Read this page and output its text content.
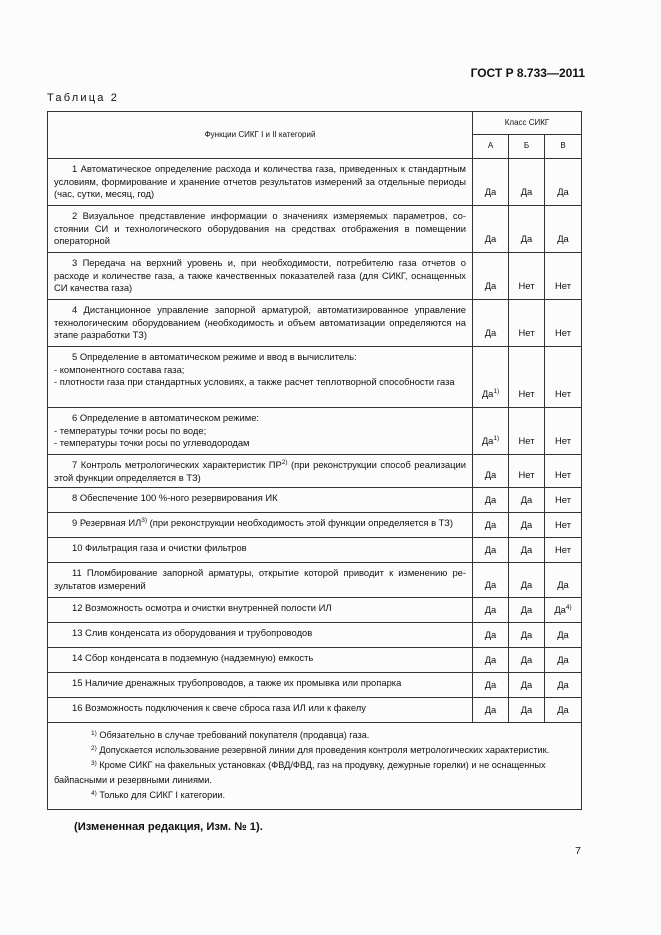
ГОСТ Р 8.733—2011
Таблица 2
Функции СИКГ I и II категорий	Класс СИКГ		
	А	Б	В

1 Автоматическое определение расхода и количества газа, приведенных к стандартным условиям, формирование и хранение отчетов результатов измерений за отдельные периоды (час, сутки, месяц, год)	Да	Да	Да

2 Визуальное представление информации о значениях измеряемых параметров, состоянии СИ и технологического оборудования на средствах отображения в помещении операторной	Да	Да	Да

3 Передача на верхний уровень и, при необходимости, потребителю газа отчетов о расходе и количестве газа, а также качественных показателей газа (для СИКГ, оснащенных СИ качества газа)	Да	Нет	Нет

4 Дистанционное управление запорной арматурой, автоматизированное управление технологическим оборудованием (необходимость и объем автоматизации определяются на этапе разработки ТЗ)	Да	Нет	Нет

5 Определение в автоматическом режиме и ввод в вычислитель:
- компонентного состава газа;
- плотности газа при стандартных условиях, а также расчет теплотворной способности газа	$Да^{1)}$	Нет	Нет

6 Определение в автоматическом режиме:
- температуры точки росы по воде;
- температуры точки росы по углеводородам	$Да^{1)}$	Нет	Нет

7 Контроль метрологических характеристик ПР$^{2)}$ (при реконструкции способ реализации этой функции определяется в ТЗ)	Да	Нет	Нет

8 Обеспечение 100 %-ного резервирования ИК	Да	Да	Нет

9 Резервная ИЛ$^{3)}$ (при реконструкции необходимость этой функции определяется в ТЗ)	Да	Да	Нет

10 Фильтрация газа и очистки фильтров	Да	Да	Нет

11 Пломбирование запорной арматуры, открытие которой приводит к изменению результатов измерений	Да	Да	Да

12 Возможность осмотра и очистки внутренней полости ИЛ	Да	Да	$Да^{4)}$

13 Слив конденсата из оборудования и трубопроводов	Да	Да	Да

14 Сбор конденсата в подземную (надземную) емкость	Да	Да	Да

15 Наличие дренажных трубопроводов, а также их промывка или пропарка	Да	Да	Да

16 Возможность подключения к свече сброса газа ИЛ или к факелу	Да	Да	Да

$^{1)}$ Обязательно в случае требований покупателя (продавца) газа.
$^{2)}$ Допускается использование резервной линии для проведения контроля метрологических характеристик.
$^{3)}$ Кроме СИКГ на факельных установках (ФВД/ФВД, газ на продувку, дежурные горелки) и не оснащенных байпасными и резервными линиями.
$^{4)}$ Только для СИКГ I категории.			
(Измененная редакция, Изм. № 1).
7
